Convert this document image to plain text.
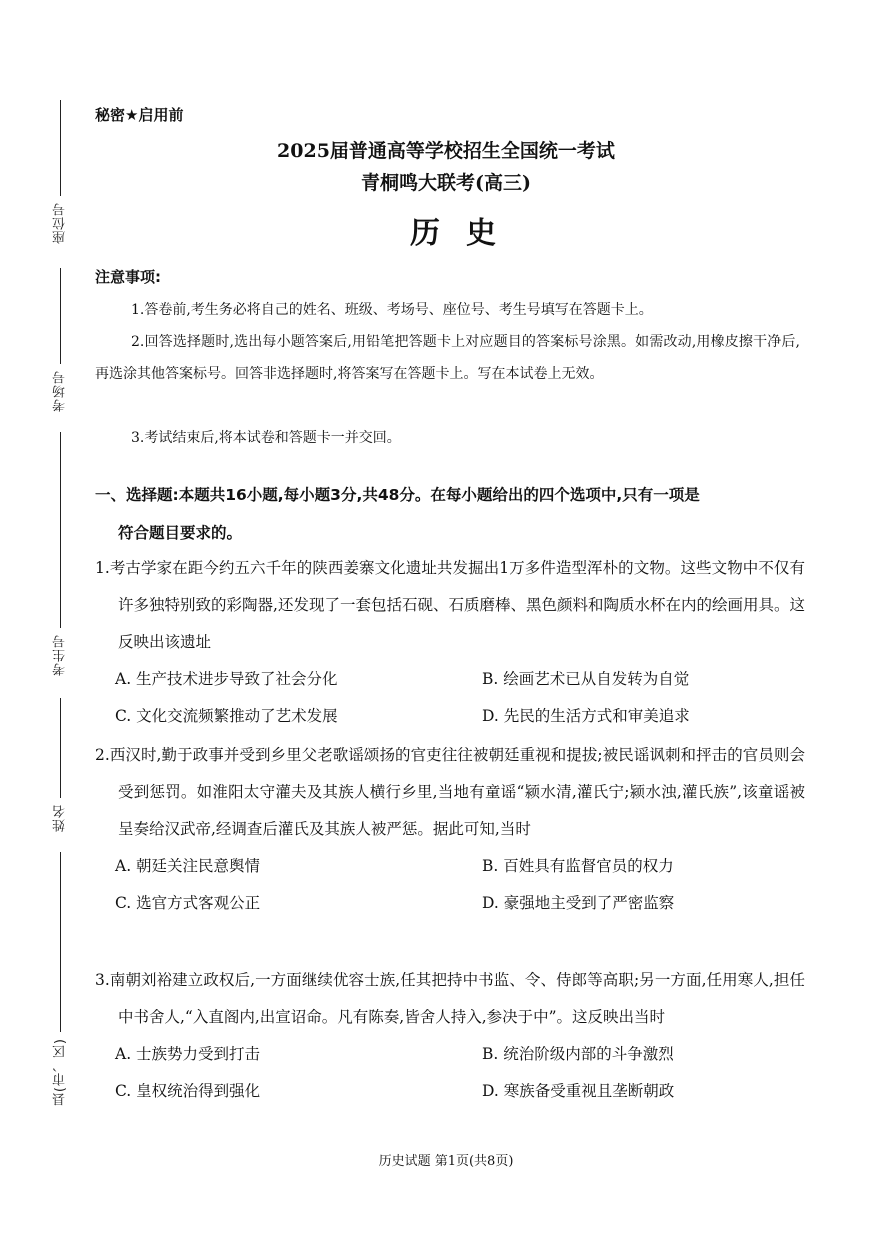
座位号
考场号
考生号
姓名
县(市、区)
秘密★启用前
2025届普通高等学校招生全国统一考试
青桐鸣大联考(高三)
历史
注意事项:
1.答卷前,考生务必将自己的姓名、班级、考场号、座位号、考生号填写在答题卡上。
2.回答选择题时,选出每小题答案后,用铅笔把答题卡上对应题目的答案标号涂黑。如需改动,用橡皮擦干净后,再选涂其他答案标号。回答非选择题时,将答案写在答题卡上。写在本试卷上无效。
3.考试结束后,将本试卷和答题卡一并交回。
一、选择题:本题共16小题,每小题3分,共48分。在每小题给出的四个选项中,只有一项是
符合题目要求的。
1.考古学家在距今约五六千年的陕西姜寨文化遗址共发掘出1万多件造型浑朴的文物。这些文物中不仅有许多独特别致的彩陶器,还发现了一套包括石砚、石质磨棒、黑色颜料和陶质水杯在内的绘画用具。这反映出该遗址
A. 生产技术进步导致了社会分化	B. 绘画艺术已从自发转为自觉
C. 文化交流频繁推动了艺术发展	D. 先民的生活方式和审美追求
2.西汉时,勤于政事并受到乡里父老歌谣颂扬的官吏往往被朝廷重视和提拔;被民谣讽刺和抨击的官员则会受到惩罚。如淮阳太守灌夫及其族人横行乡里,当地有童谣“颍水清,灌氏宁;颍水浊,灌氏族”,该童谣被呈奏给汉武帝,经调查后灌氏及其族人被严惩。据此可知,当时
A. 朝廷关注民意舆情	B. 百姓具有监督官员的权力
C. 选官方式客观公正	D. 豪强地主受到了严密监察
3.南朝刘裕建立政权后,一方面继续优容士族,任其把持中书监、令、侍郎等高职;另一方面,任用寒人,担任中书舍人,“入直阁内,出宣诏命。凡有陈奏,皆舍人持入,参决于中”。这反映出当时
A. 士族势力受到打击	B. 统治阶级内部的斗争激烈
C. 皇权统治得到强化	D. 寒族备受重视且垄断朝政
历史试题 第1页(共8页)
